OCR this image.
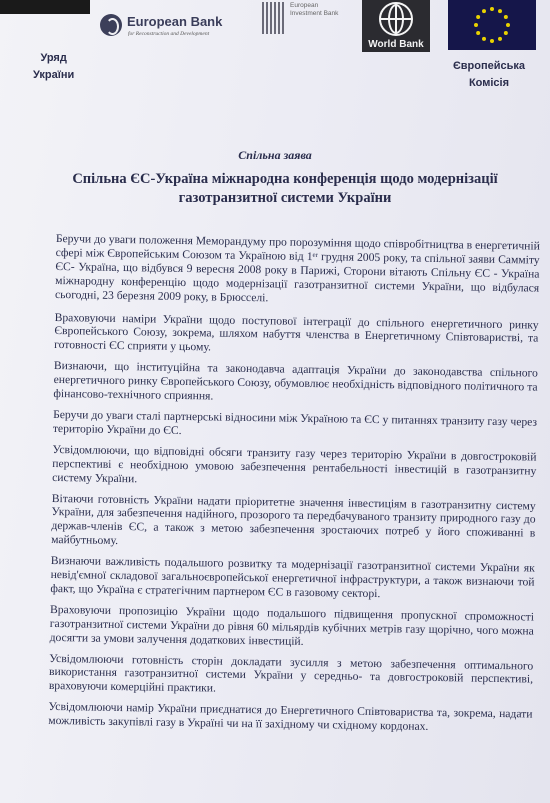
European Bank
for Reconstruction and Development
European Investment Bank
World Bank
Уряд
України
Європейська
Комісія
Спільна заява
Спільна ЄС-Україна міжнародна конференція щодо модернізації газотранзитної системи України

Беручи до уваги положення Меморандуму про порозуміння щодо співробітництва в енергетичній сфері між Європейським Союзом та Україною від 1ᵉʳ грудня 2005 року, та спільної заяви Самміту ЄС- Україна, що відбувся 9 вересня 2008 року в Парижі, Сторони вітають Спільну ЄС - Україна міжнародну конференцію щодо модернізації газотранзитної системи України, що відбулася сьогодні, 23 березня 2009 року, в Брюсселі.

Враховуючи наміри України щодо поступової інтеграції до спільного енергетичного ринку Європейського Союзу, зокрема, шляхом набуття членства в Енергетичному Співтоваристві, та готовності ЄС сприяти у цьому.

Визнаючи, що інституційна та законодавча адаптація України до законодавства спільного енергетичного ринку Європейського Союзу, обумовлює необхідність відповідного політичного та фінансово-технічного сприяння.

Беручи до уваги сталі партнерські відносини між Україною та ЄС у питаннях транзиту газу через територію України до ЄС.

Усвідомлюючи, що відповідні обсяги транзиту газу через територію України в довгостроковій перспективі є необхідною умовою забезпечення рентабельності інвестицій в газотранзитну систему України.

Вітаючи готовність України надати пріоритетне значення інвестиціям в газотранзитну систему України, для забезпечення надійного, прозорого та передбачуваного транзиту природного газу до держав-членів ЄС, а також з метою забезпечення зростаючих потреб у його споживанні в майбутньому.

Визнаючи важливість подальшого розвитку та модернізації газотранзитної системи України як невід'ємної складової загальноєвропейської енергетичної інфраструктури, а також визнаючи той факт, що Україна є стратегічним партнером ЄС в газовому секторі.

Враховуючи пропозицію України щодо подальшого підвищення пропускної спроможності газотранзитної системи України до рівня 60 мільярдів кубічних метрів газу щорічно, чого можна досягти за умови залучення додаткових інвестицій.

Усвідомлюючи готовність сторін докладати зусилля з метою забезпечення оптимального використання газотранзитної системи України у середньо- та довгостроковій перспективі, враховуючи комерційні практики.

Усвідомлюючи намір України приєднатися до Енергетичного Співтовариства та, зокрема, надати можливість закупівлі газу в Україні чи на її західному чи східному кордонах.
